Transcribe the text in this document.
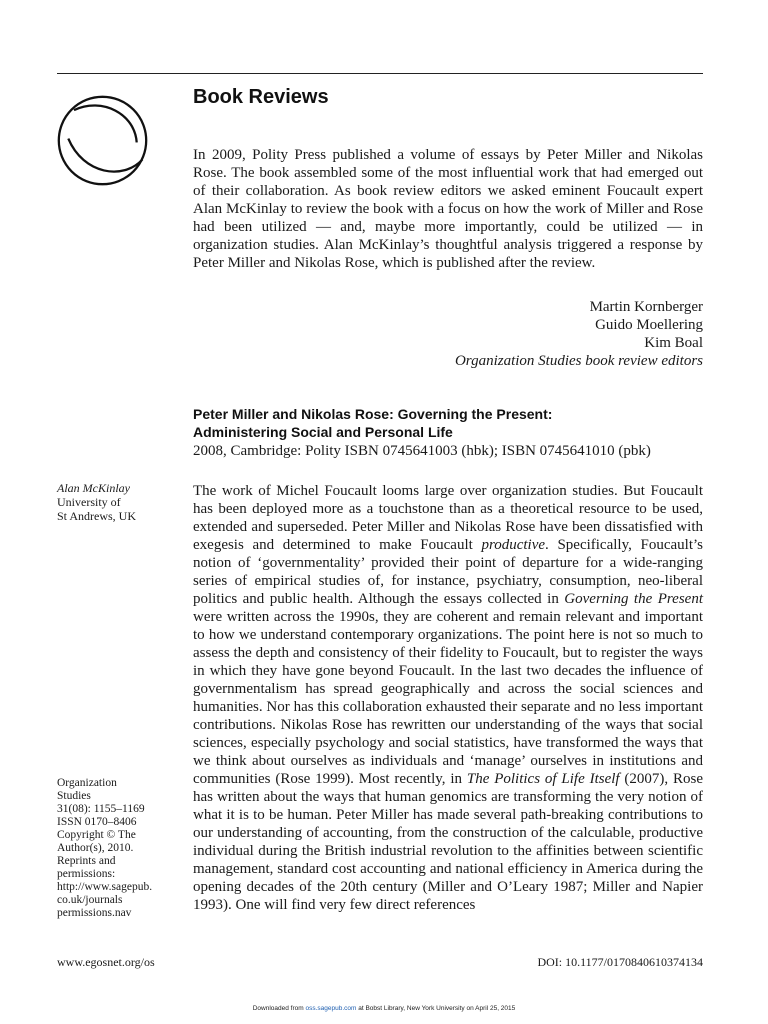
Book Reviews

In 2009, Polity Press published a volume of essays by Peter Miller and Nikolas Rose. The book assembled some of the most influential work that had emerged out of their collaboration. As book review editors we asked eminent Foucault expert Alan McKinlay to review the book with a focus on how the work of Miller and Rose had been utilized — and, maybe more importantly, could be utilized — in organization studies. Alan McKinlay’s thoughtful analysis triggered a response by Peter Miller and Nikolas Rose, which is published after the review.

Martin Kornberger
Guido Moellering
Kim Boal
Organization Studies book review editors
Peter Miller and Nikolas Rose: Governing the Present:
Administering Social and Personal Life
2008, Cambridge: Polity ISBN 0745641003 (hbk); ISBN 0745641010 (pbk)
Alan McKinlay
University of
St Andrews, UK
Organization
Studies
31(08): 1155–1169
ISSN 0170–8406
Copyright © The
Author(s), 2010.
Reprints and
permissions:
http://www.sagepub.
co.uk/journals
permissions.nav

The work of Michel Foucault looms large over organization studies. But Foucault has been deployed more as a touchstone than as a theoretical resource to be used, extended and superseded. Peter Miller and Nikolas Rose have been dissatisfied with exegesis and determined to make Foucault productive. Specifically, Foucault’s notion of ‘governmentality’ provided their point of departure for a wide-ranging series of empirical studies of, for instance, psychiatry, consumption, neo-liberal politics and public health. Although the essays collected in Governing the Present were written across the 1990s, they are coherent and remain relevant and important to how we understand contemporary organizations. The point here is not so much to assess the depth and consistency of their fidelity to Foucault, but to register the ways in which they have gone beyond Foucault. In the last two decades the influence of governmentalism has spread geographically and across the social sciences and humanities. Nor has this collaboration exhausted their separate and no less important contributions. Nikolas Rose has rewritten our understanding of the ways that social sciences, especially psychology and social statistics, have transformed the ways that we think about ourselves as individuals and ‘manage’ ourselves in institutions and communities (Rose 1999). Most recently, in The Politics of Life Itself (2007), Rose has written about the ways that human genomics are transforming the very notion of what it is to be human. Peter Miller has made several path-breaking contributions to our understanding of accounting, from the construction of the calculable, productive individual during the British industrial revolution to the affinities between scientific management, standard cost accounting and national efficiency in America during the opening decades of the 20th century (Miller and O’Leary 1987; Miller and Napier 1993). One will find very few direct references

www.egosnet.org/os	DOI: 10.1177/0170840610374134
Downloaded from oss.sagepub.com at Bobst Library, New York University on April 25, 2015
